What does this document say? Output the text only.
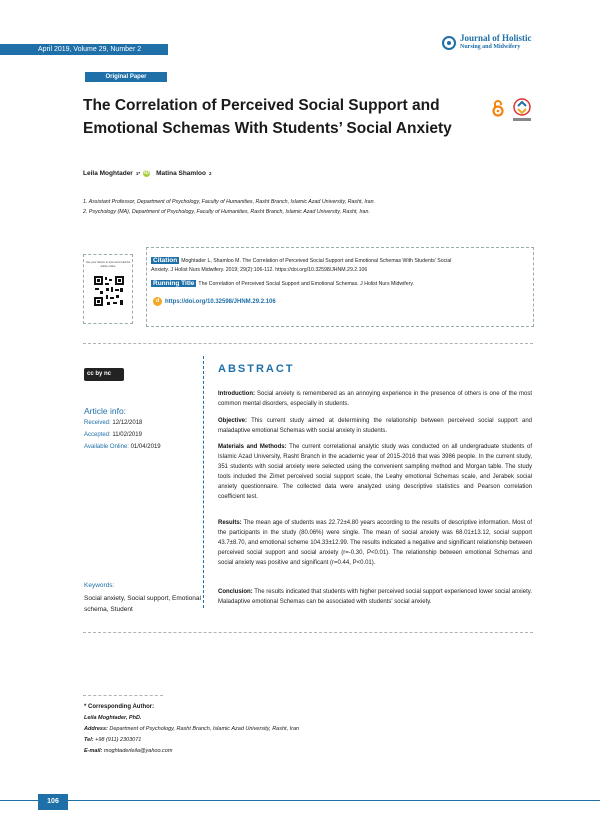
April 2019, Volume 29, Number 2
Journal of Holistic
Nursing and Midwifery
Original Paper
The Correlation of Perceived Social Support and Emotional Schemas With Students’ Social Anxiety
Leila Moghtader 1* iD Matina Shamloo 2
1. Assistant Professor, Department of Psychology, Faculty of Humanities, Rasht Branch, Islamic Azad University, Rasht, Iran.
2. Psychology (MA), Department of Psychology, Faculty of Humanities, Rasht Branch, Islamic Azad University, Rasht, Iran.
Use your device to scan and read the article online
Citation Moghtader L, Shamloo M. The Correlation of Perceived Social Support and Emotional Schemas With Students’ Social
Anxiety. J Holist Nurs Midwifery. 2019; 29(2):106-112. https://doi.org/10.32598/JHNM.29.2.106
Running Title The Correlation of Perceived Social Support and Emotional Schemas. J Holist Nurs Midwifery.
d https://doi.org/10.32598/JHNM.29.2.106
cc by nc
Article info:
Received: 12/12/2018
Accepted: 11/02/2019
Available Online: 01/04/2019
Keywords:
Social anxiety, Social support, Emotional schema, Student
ABSTRACT
Introduction: Social anxiety is remembered as an annoying experience in the presence of others is one of the most common mental disorders, especially in students.
Objective: This current study aimed at determining the relationship between perceived social support and maladaptive emotional Schemas with social anxiety in students.
Materials and Methods: The current correlational analytic study was conducted on all undergraduate students of Islamic Azad University, Rasht Branch in the academic year of 2015-2016 that was 3986 people. In the current study, 351 students with social anxiety were selected using the convenient sampling method and Morgan table. The study tools included the Zimet perceived social support scale, the Leahy emotional Schemas scale, and Jerabek social anxiety questionnaire. The collected data were analyzed using descriptive statistics and Pearson correlation coefficient test.
Results: The mean age of students was 22.72±4.80 years according to the results of descriptive information. Most of the participants in the study (80.06%) were single. The mean of social anxiety was 68.01±13.12, social support 43.7±8.70, and emotional scheme 104.33±12.99. The results indicated a negative and significant relationship between perceived social support and social anxiety (r=-0.30, P<0.01). The relationship between emotional Schemas and social anxiety was positive and significant (r=0.44, P<0.01).
Conclusion: The results indicated that students with higher perceived social support experienced lower social anxiety. Maladaptive emotional Schemas can be associated with students' social anxiety.
* Corresponding Author:
Leila Moghtader, PhD.
Address: Department of Psychology, Rasht Branch, Islamic Azad University, Rasht, Iran
Tel: +98 (911) 2303071
E-mail: moghtaderleila@yahoo.com
106
